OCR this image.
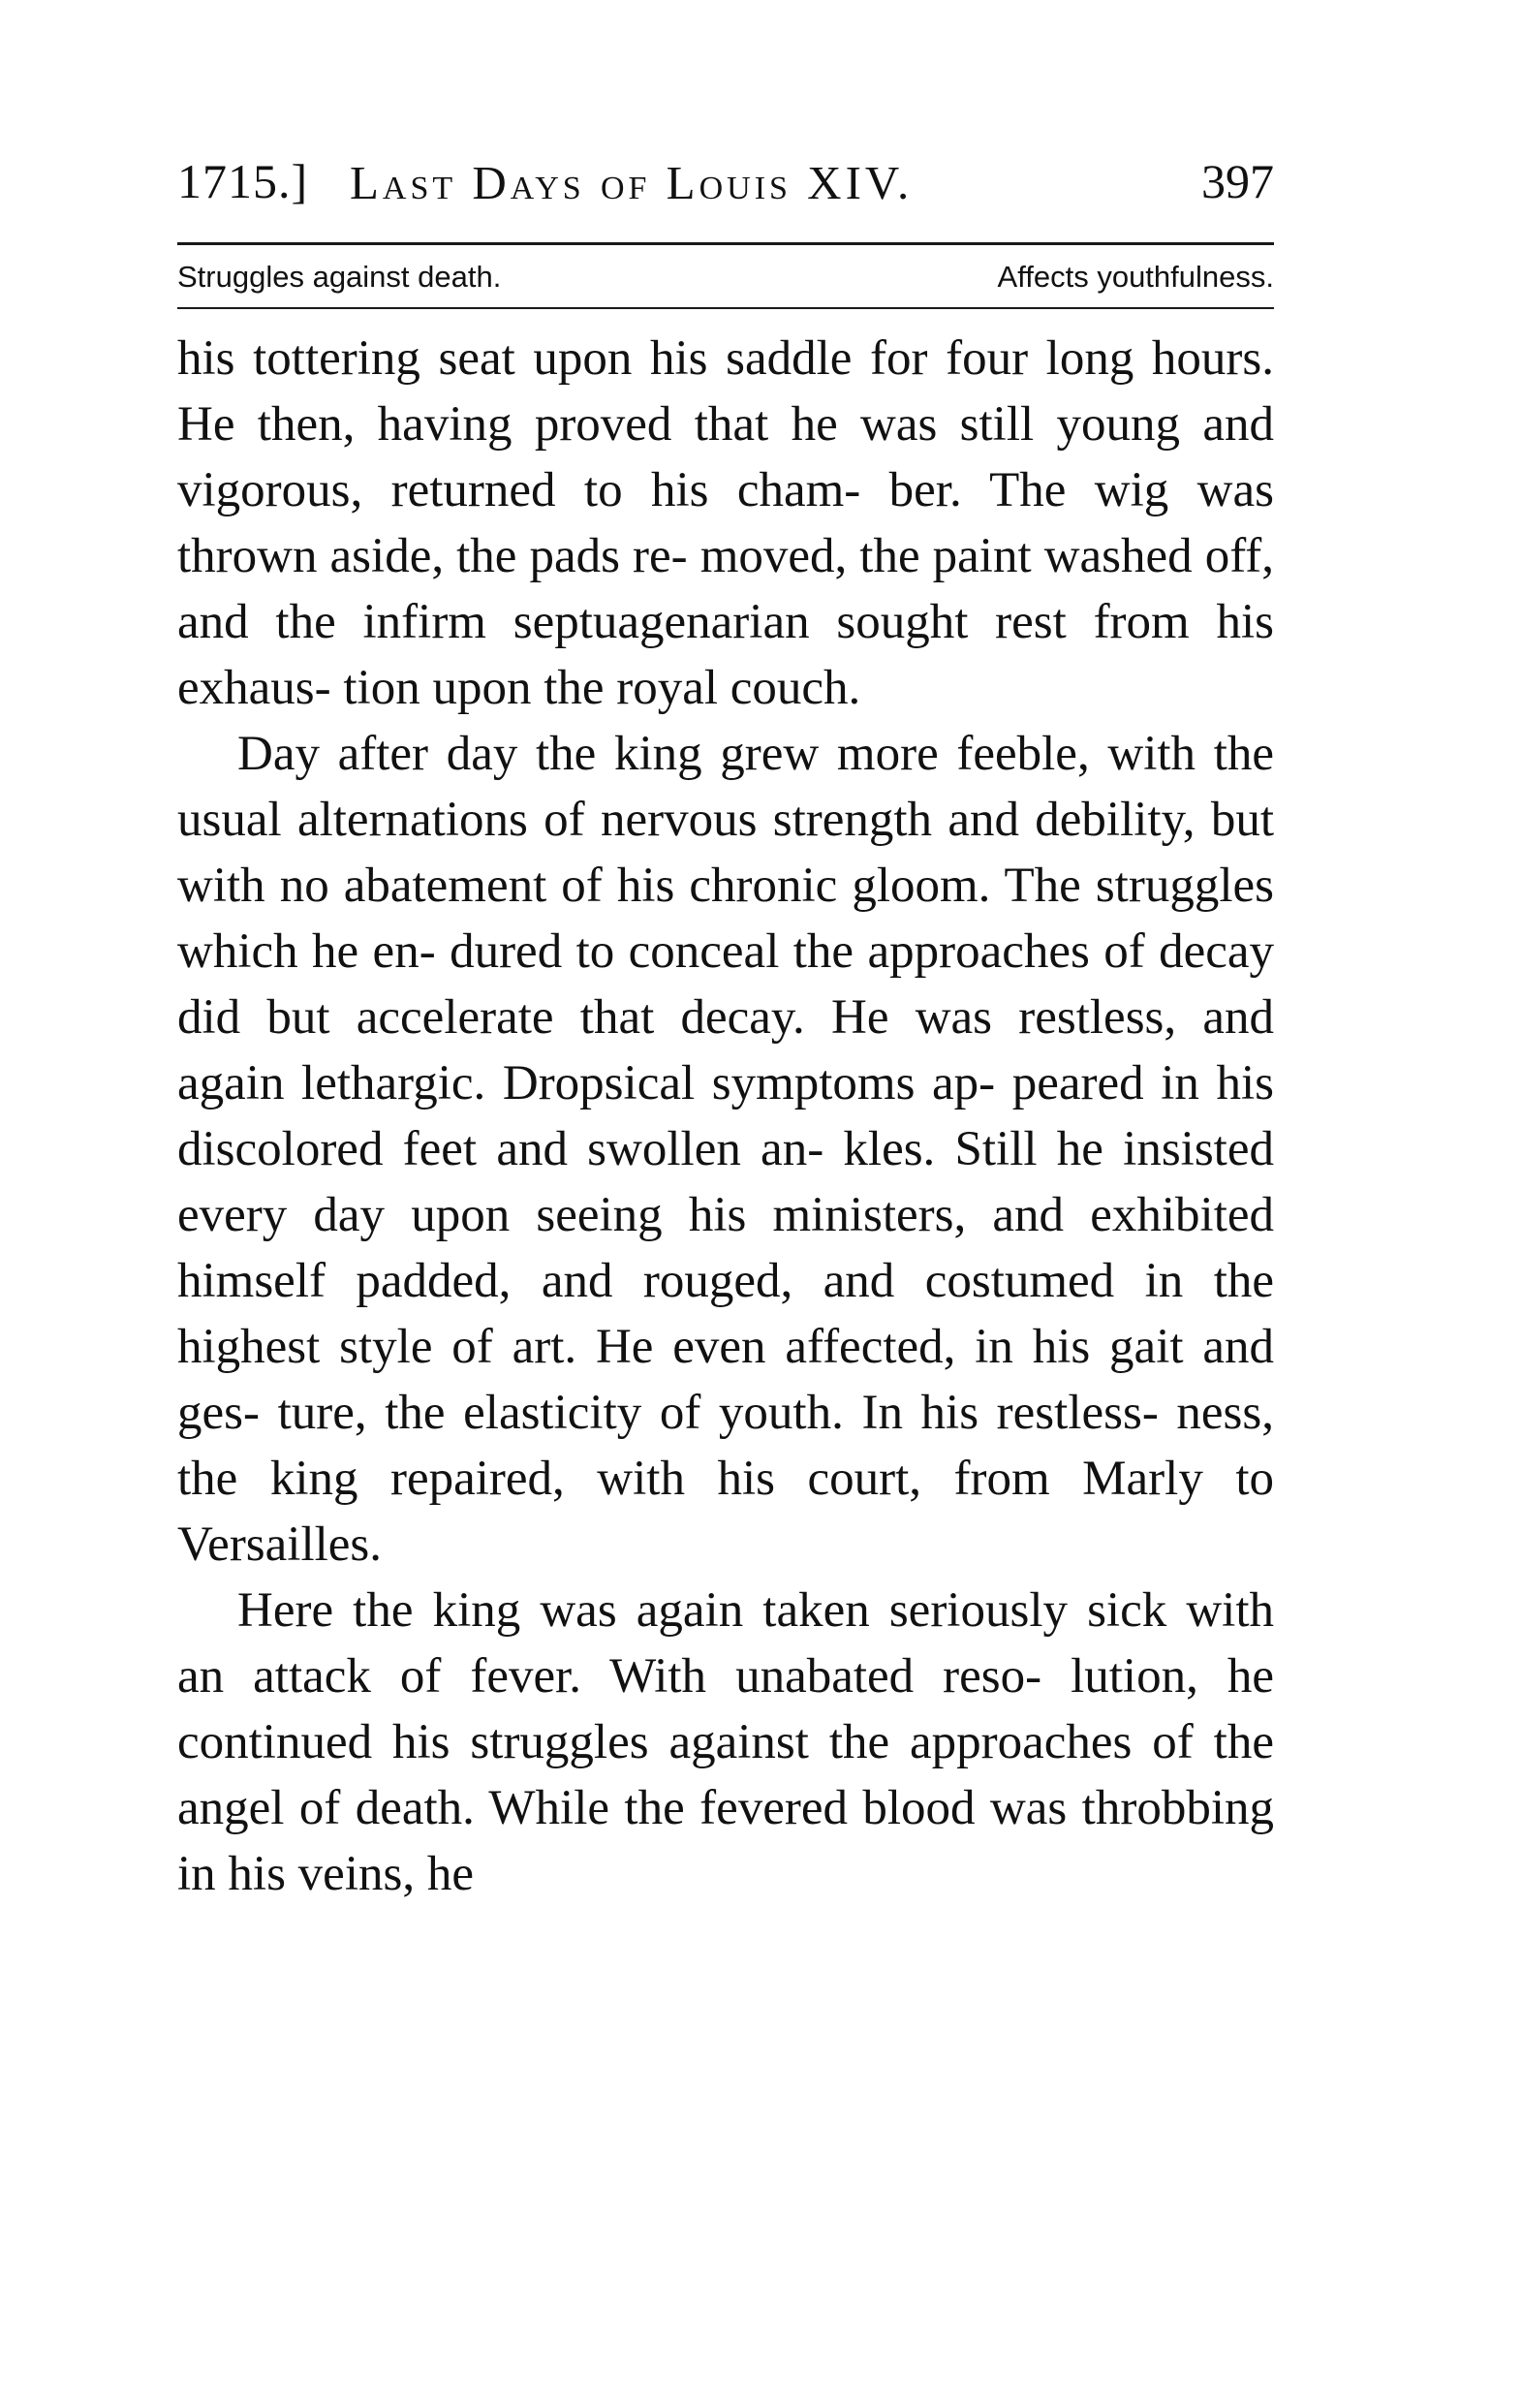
1715.] Last Days of Louis XIV.	397
Struggles against death.	Affects youthfulness.

his tottering seat upon his saddle for four long hours. He then, having proved that he was still young and vigorous, returned to his cham- ber. The wig was thrown aside, the pads re- moved, the paint washed off, and the infirm septuagenarian sought rest from his exhaus- tion upon the royal couch.

Day after day the king grew more feeble, with the usual alternations of nervous strength and debility, but with no abatement of his chronic gloom. The struggles which he en- dured to conceal the approaches of decay did but accelerate that decay. He was restless, and again lethargic. Dropsical symptoms ap- peared in his discolored feet and swollen an- kles. Still he insisted every day upon seeing his ministers, and exhibited himself padded, and rouged, and costumed in the highest style of art. He even affected, in his gait and ges- ture, the elasticity of youth. In his restless- ness, the king repaired, with his court, from Marly to Versailles.

Here the king was again taken seriously sick with an attack of fever. With unabated reso- lution, he continued his struggles against the approaches of the angel of death. While the fevered blood was throbbing in his veins, he
